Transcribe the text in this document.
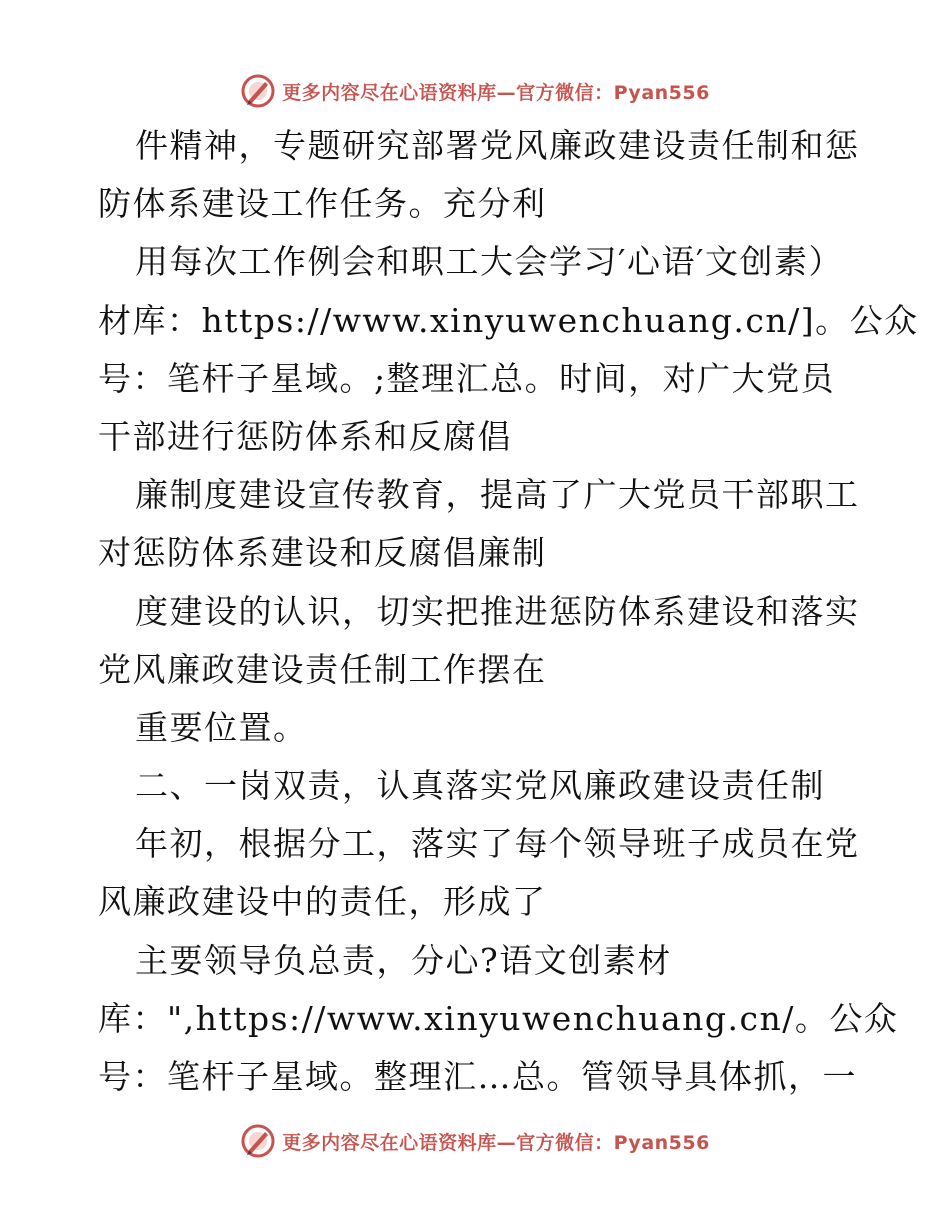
更多内容尽在心语资料库—官方微信：Pyan556
件精神，专题研究部署党风廉政建设责任制和惩
防体系建设工作任务。充分利
用每次工作例会和职工大会学习′心语′文创素）
材库：https://www.xinyuwenchuang.cn/]。公众
号：笔杆子星域。;整理汇总。时间，对广大党员
干部进行惩防体系和反腐倡
廉制度建设宣传教育，提高了广大党员干部职工
对惩防体系建设和反腐倡廉制
度建设的认识，切实把推进惩防体系建设和落实
党风廉政建设责任制工作摆在
重要位置。
二、一岗双责，认真落实党风廉政建设责任制
年初，根据分工，落实了每个领导班子成员在党
风廉政建设中的责任，形成了
主要领导负总责，分心?语文创素材
库：",https://www.xinyuwenchuang.cn/。公众
号：笔杆子星域。整理汇…总。管领导具体抓，一
更多内容尽在心语资料库—官方微信：Pyan556
